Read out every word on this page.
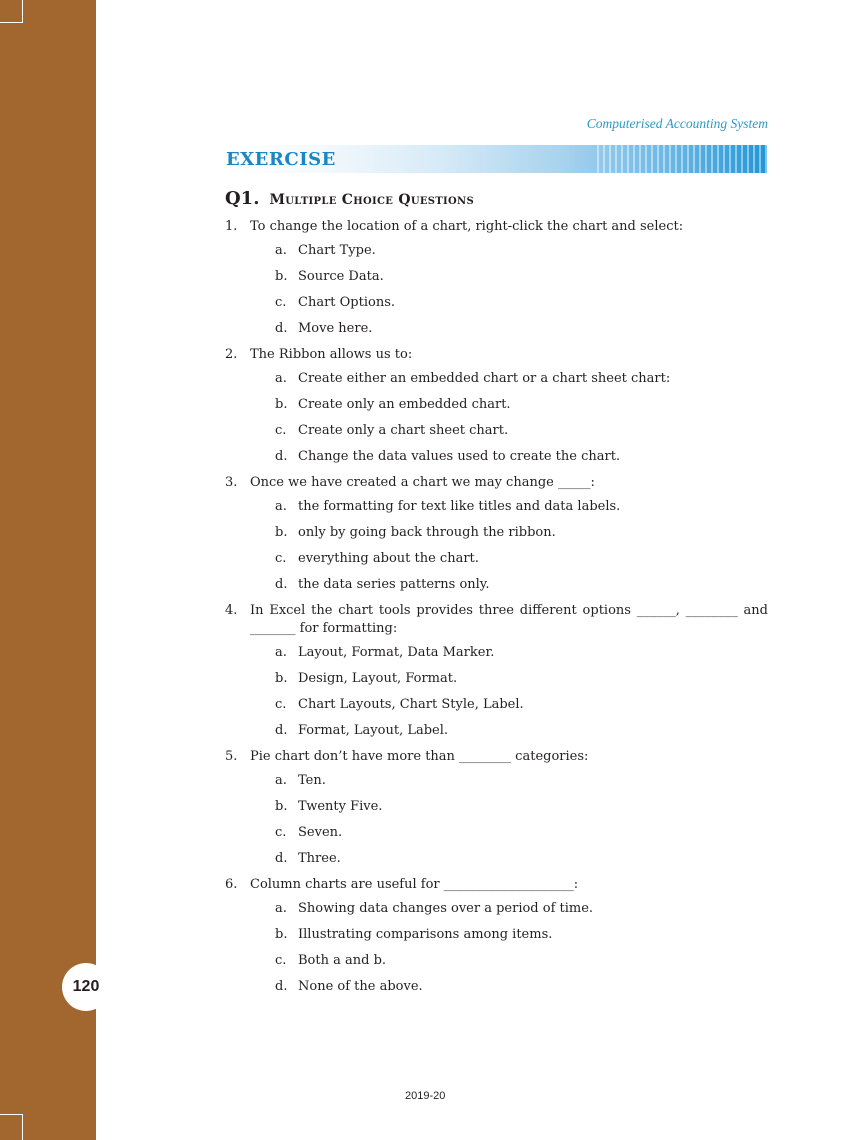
120
Computerised Accounting System
EXERCISE
Q1. Multiple Choice Questions
1. To change the location of a chart, right-click the chart and select:
a. Chart Type.
b. Source Data.
c. Chart Options.
d. Move here.
2. The Ribbon allows us to:
a. Create either an embedded chart or a chart sheet chart:
b. Create only an embedded chart.
c. Create only a chart sheet chart.
d. Change the data values used to create the chart.
3. Once we have created a chart we may change _____:
a. the formatting for text like titles and data labels.
b. only by going back through the ribbon.
c. everything about the chart.
d. the data series patterns only.
4. In Excel the chart tools provides three different options ______, ________ and _______ for formatting:
a. Layout, Format, Data Marker.
b. Design, Layout, Format.
c. Chart Layouts, Chart Style, Label.
d. Format, Layout, Label.
5. Pie chart don’t have more than ________ categories:
a. Ten.
b. Twenty Five.
c. Seven.
d. Three.
6. Column charts are useful for ____________________:
a. Showing data changes over a period of time.
b. Illustrating comparisons among items.
c. Both a and b.
d. None of the above.
2019-20
